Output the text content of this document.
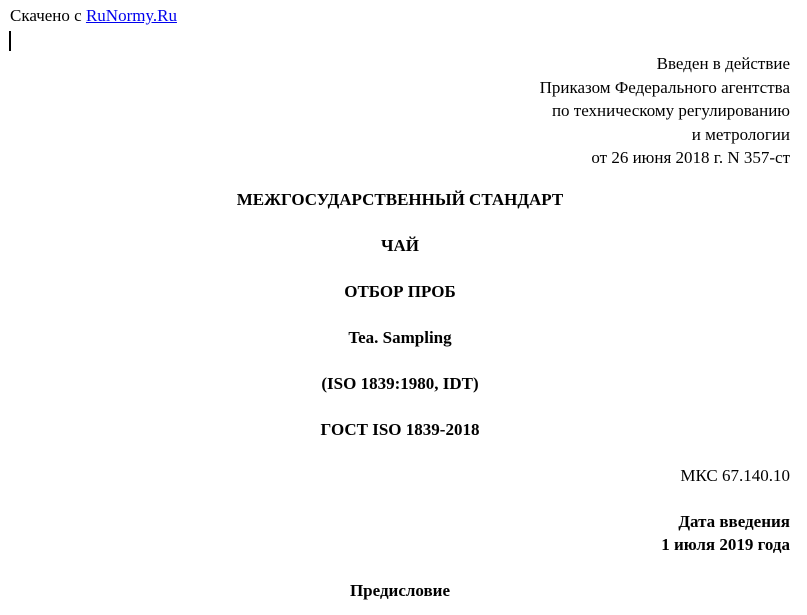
Скачено с RuNormy.Ru
Введен в действие
Приказом Федерального агентства
по техническому регулированию
и метрологии
от 26 июня 2018 г. N 357-ст
МЕЖГОСУДАРСТВЕННЫЙ СТАНДАРТ
ЧАЙ
ОТБОР ПРОБ
Tea. Sampling
(ISO 1839:1980, IDT)
ГОСТ ISO 1839-2018
МКС 67.140.10
Дата введения
1 июля 2019 года
Предисловие
